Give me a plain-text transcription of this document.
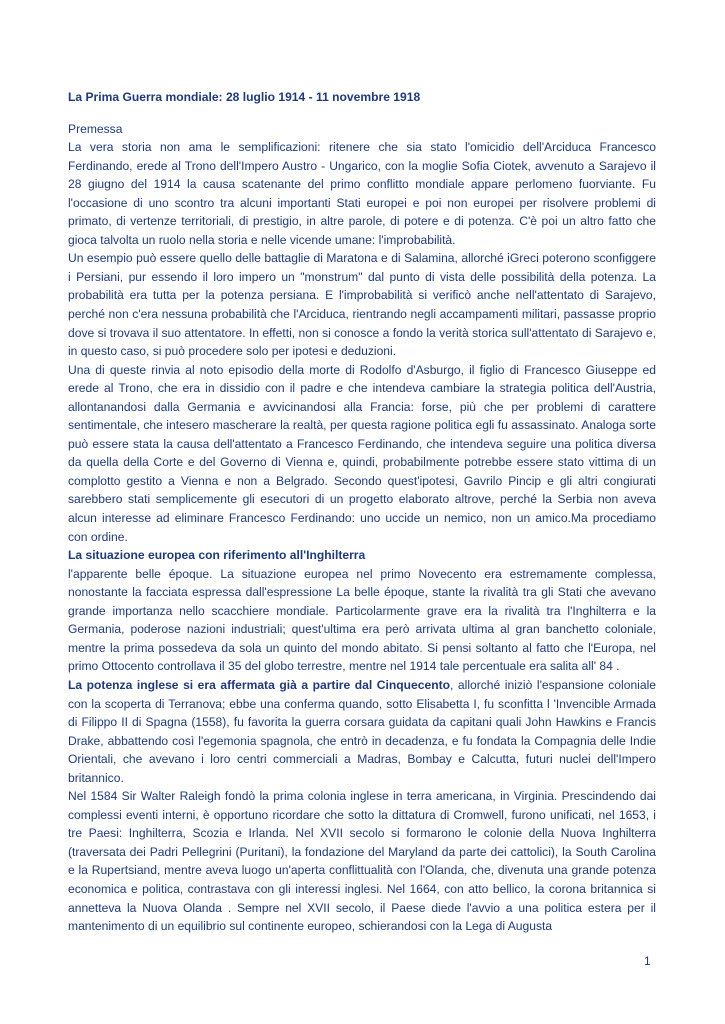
La Prima Guerra mondiale: 28 luglio 1914 - 11 novembre 1918

Premessa

La vera storia non ama le semplificazioni: ritenere che sia stato l'omicidio dell'Arciduca Francesco Ferdinando, erede al Trono dell'Impero Austro - Ungarico, con la moglie Sofia Ciotek, avvenuto a Sarajevo il 28 giugno del 1914 la causa scatenante del primo conflitto mondiale appare perlomeno fuorviante. Fu l'occasione di uno scontro tra alcuni importanti Stati europei e poi non europei per risolvere problemi di primato, di vertenze territoriali, di prestigio, in altre parole, di potere e di potenza. C'è poi un altro fatto che gioca talvolta un ruolo nella storia e nelle vicende umane: l'improbabilità.

Un esempio può essere quello delle battaglie di Maratona e di Salamina, allorché iGreci poterono sconfiggere i Persiani, pur essendo il loro impero un "monstrum" dal punto di vista delle possibilità della potenza. La probabilità era tutta per la potenza persiana. E l'improbabilità si verificò anche nell'attentato di Sarajevo, perché non c'era nessuna probabilità che l'Arciduca, rientrando negli accampamenti militari, passasse proprio dove si trovava il suo attentatore. In effetti, non si conosce a fondo la verità storica sull'attentato di Sarajevo e, in questo caso, si può procedere solo per ipotesi e deduzioni.

Una di queste rinvia al noto episodio della morte di Rodolfo d'Asburgo, il figlio di Francesco Giuseppe ed erede al Trono, che era in dissidio con il padre e che intendeva cambiare la strategia politica dell'Austria, allontanandosi dalla Germania e avvicinandosi alla Francia: forse, più che per problemi di carattere sentimentale, che intesero mascherare la realtà, per questa ragione politica egli fu assassinato. Analoga sorte può essere stata la causa dell'attentato a Francesco Ferdinando, che intendeva seguire una politica diversa da quella della Corte e del Governo di Vienna e, quindi, probabilmente potrebbe essere stato vittima di un complotto gestito a Vienna e non a Belgrado. Secondo quest'ipotesi, Gavrilo Pincip e gli altri congiurati sarebbero stati semplicemente gli esecutori di un progetto elaborato altrove, perché la Serbia non aveva alcun interesse ad eliminare Francesco Ferdinando: uno uccide un nemico, non un amico.Ma procediamo con ordine.

La situazione europea con riferimento all'Inghilterra

l'apparente belle époque. La situazione europea nel primo Novecento era estremamente complessa, nonostante la facciata espressa dall'espressione La belle époque, stante la rivalità tra gli Stati che avevano grande importanza nello scacchiere mondiale. Particolarmente grave era la rivalità tra l'Inghilterra e la Germania, poderose nazioni industriali; quest'ultima era però arrivata ultima al gran banchetto coloniale, mentre la prima possedeva da sola un quinto del mondo abitato. Si pensi soltanto al fatto che l'Europa, nel primo Ottocento controllava il 35 del globo terrestre, mentre nel 1914 tale percentuale era salita all' 84 .

La potenza inglese si era affermata già a partire dal Cinquecento, allorché iniziò l'espansione coloniale con la scoperta di Terranova; ebbe una conferma quando, sotto Elisabetta I, fu sconfitta l 'Invencible Armada di Filippo II di Spagna (1558), fu favorita la guerra corsara guidata da capitani quali John Hawkins e Francis Drake, abbattendo così l'egemonia spagnola, che entrò in decadenza, e fu fondata la Compagnia delle Indie Orientali, che avevano i loro centri commerciali a Madras, Bombay e Calcutta, futuri nuclei dell'Impero britannico.

Nel 1584 Sir Walter Raleigh fondò la prima colonia inglese in terra americana, in Virginia. Prescindendo dai complessi eventi interni, è opportuno ricordare che sotto la dittatura di Cromwell, furono unificati, nel 1653, i tre Paesi: Inghilterra, Scozia e Irlanda. Nel XVII secolo si formarono le colonie della Nuova Inghilterra (traversata dei Padri Pellegrini (Puritani), la fondazione del Maryland da parte dei cattolici), la South Carolina e la Rupertsiand, mentre aveva luogo un'aperta conflittualità con l'Olanda, che, divenuta una grande potenza economica e politica, contrastava con gli interessi inglesi. Nel 1664, con atto bellico, la corona britannica si annetteva la Nuova Olanda . Sempre nel XVII secolo, il Paese diede l'avvio a una politica estera per il mantenimento di un equilibrio sul continente europeo, schierandosi con la Lega di Augusta

1
